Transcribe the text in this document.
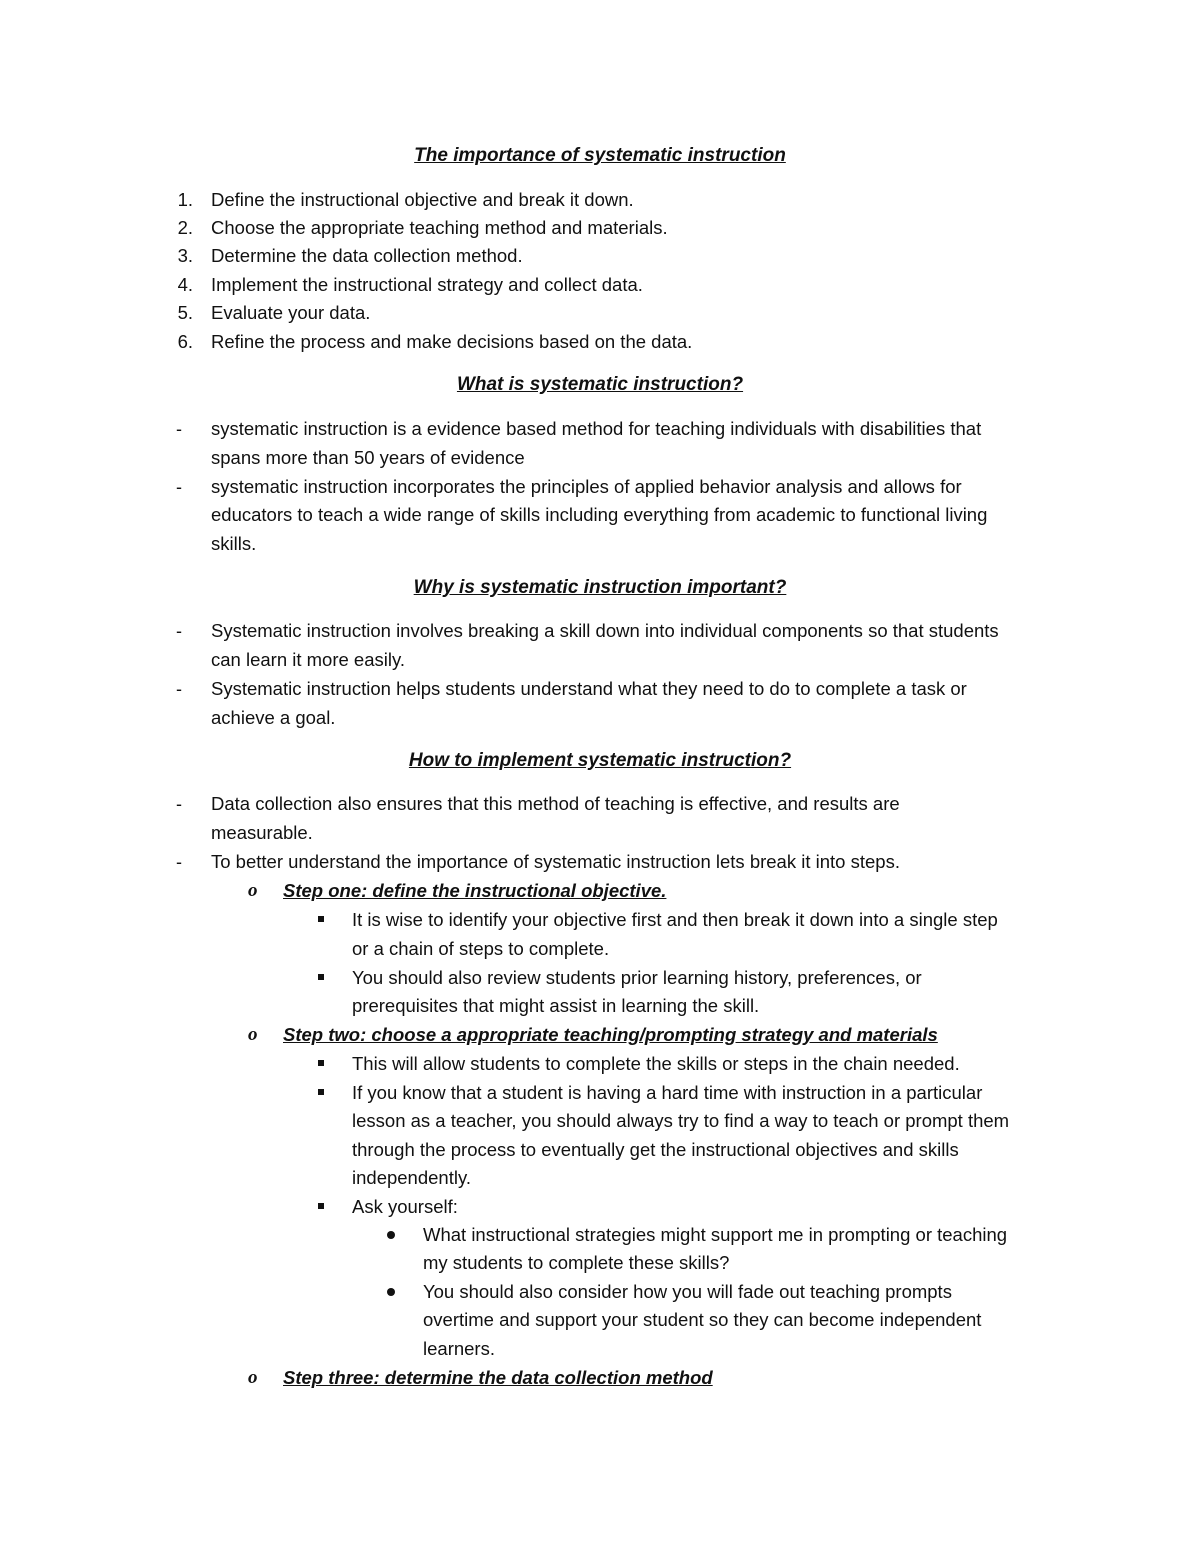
The importance of systematic instruction
1. Define the instructional objective and break it down.
2. Choose the appropriate teaching method and materials.
3. Determine the data collection method.
4. Implement the instructional strategy and collect data.
5. Evaluate your data.
6. Refine the process and make decisions based on the data.
What is systematic instruction?
- systematic instruction is a evidence based method for teaching individuals with disabilities that
spans more than 50 years of evidence
- systematic instruction incorporates the principles of applied behavior analysis and allows for
educators to teach a wide range of skills including everything from academic to functional living
skills.
Why is systematic instruction important?
- Systematic instruction involves breaking a skill down into individual components so that students
can learn it more easily.
- Systematic instruction helps students understand what they need to do to complete a task or
achieve a goal.
How to implement systematic instruction?
- Data collection also ensures that this method of teaching is effective, and results are
measurable.
- To better understand the importance of systematic instruction lets break it into steps.
o Step one: define the instructional objective.
It is wise to identify your objective first and then break it down into a single step
or a chain of steps to complete.
You should also review students prior learning history, preferences, or
prerequisites that might assist in learning the skill.
o Step two: choose a appropriate teaching/prompting strategy and materials
This will allow students to complete the skills or steps in the chain needed.
If you know that a student is having a hard time with instruction in a particular
lesson as a teacher, you should always try to find a way to teach or prompt them
through the process to eventually get the instructional objectives and skills
independently.
Ask yourself:
What instructional strategies might support me in prompting or teaching
my students to complete these skills?
You should also consider how you will fade out teaching prompts
overtime and support your student so they can become independent
learners.
o Step three: determine the data collection method
